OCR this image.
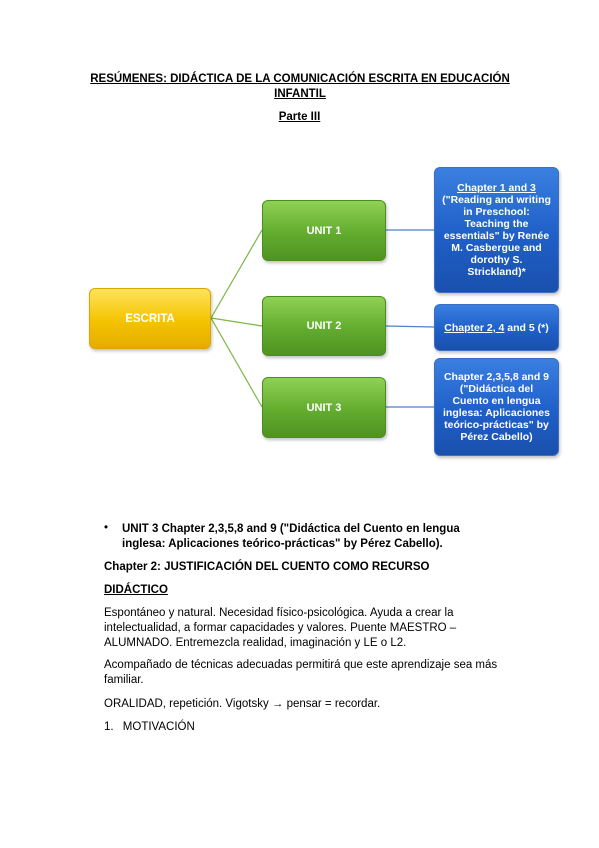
RESÚMENES: DIDÁCTICA DE LA COMUNICACIÓN ESCRITA EN EDUCACIÓN INFANTIL
Parte III
ESCRITA
UNIT 1
UNIT 2
UNIT 3
Chapter 1 and 3 ("Reading and writing in Preschool: Teaching the essentials" by Renée M. Casbergue and dorothy S. Strickland)*
Chapter 2, 4 and 5 (*)
Chapter 2,3,5,8 and 9 ("Didáctica del Cuento en lengua inglesa: Aplicaciones teórico-prácticas" by Pérez Cabello)
• UNIT 3 Chapter 2,3,5,8 and 9 ("Didáctica del Cuento en lengua inglesa: Aplicaciones teórico-prácticas" by Pérez Cabello).
Chapter 2: JUSTIFICACIÓN DEL CUENTO COMO RECURSO
DIDÁCTICO
Espontáneo y natural. Necesidad físico-psicológica. Ayuda a crear la intelectualidad, a formar capacidades y valores. Puente MAESTRO – ALUMNADO. Entremezcla realidad, imaginación y LE o L2.
Acompañado de técnicas adecuadas permitirá que este aprendizaje sea más familiar.
ORALIDAD, repetición. Vigotsky → pensar = recordar.
1. MOTIVACIÓN
